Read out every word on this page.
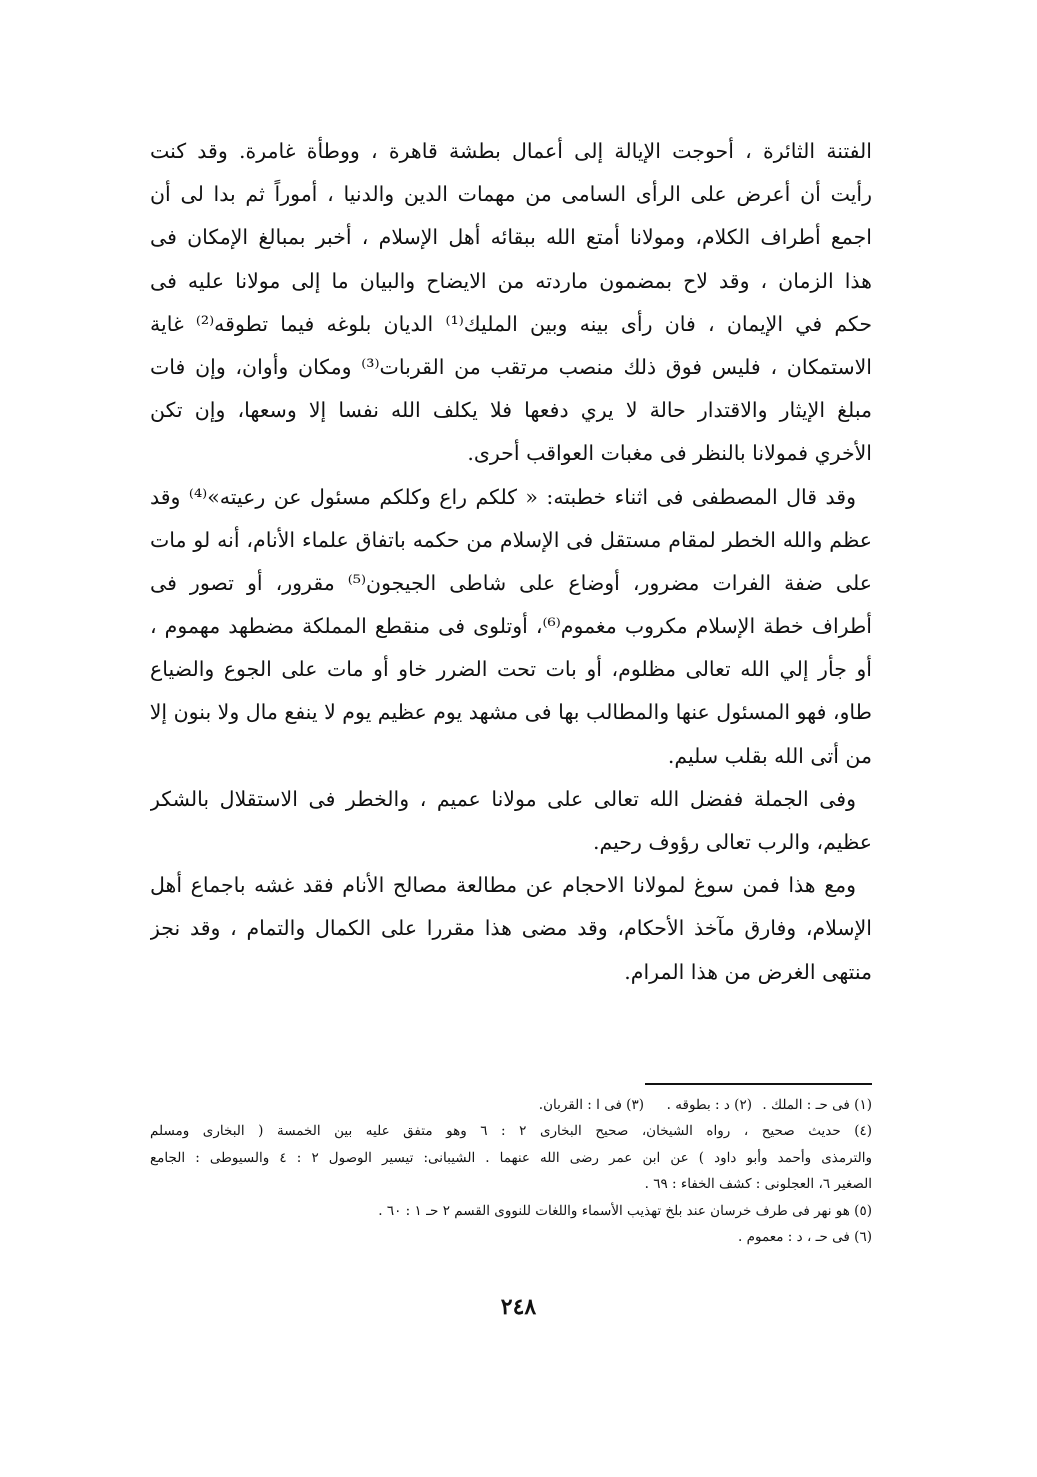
الفتنة الثائرة ، أحوجت الإيالة إلى أعمال بطشة قاهرة ، ووطأة غامرة. وقد كنت
رأيت أن أعرض على الرأى السامى من مهمات الدين والدنيا ، أموراً ثم بدا لى أن
اجمع أطراف الكلام، ومولانا أمتع الله ببقائه أهل الإسلام ، أخبر بمبالغ الإمكان فى
هذا الزمان ، وقد لاح بمضمون ماردته من الايضاح والبيان ما إلى مولانا عليه فى
حكم في الإيمان ، فان رأى بينه وبين المليك⁽¹⁾ الديان بلوغه فيما تطوقه⁽²⁾ غاية
الاستمكان ، فليس فوق ذلك منصب مرتقب من القربات⁽³⁾ ومكان وأوان، وإن فات
مبلغ الإيثار والاقتدار حالة لا يري دفعها فلا يكلف الله نفسا إلا وسعها، وإن تكن
الأخري فمولانا بالنظر فى مغبات العواقب أحرى.
وقد قال المصطفى فى اثناء خطبته: « كلكم راع وكلكم مسئول عن رعيته»⁽⁴⁾ وقد
عظم والله الخطر لمقام مستقل فى الإسلام من حكمه باتفاق علماء الأنام، أنه لو مات
على ضفة الفرات مضرور، أوضاع على شاطى الجيجون⁽⁵⁾ مقرور، أو تصور فى
أطراف خطة الإسلام مكروب مغموم⁽⁶⁾، أوتلوى فى منقطع المملكة مضطهد مهموم ،
أو جأر إلي الله تعالى مظلوم، أو بات تحت الضرر خاو أو مات على الجوع والضياع
طاو، فهو المسئول عنها والمطالب بها فى مشهد يوم عظيم يوم لا ينفع مال ولا بنون إلا
من أتى الله بقلب سليم.
وفى الجملة ففضل الله تعالى على مولانا عميم ، والخطر فى الاستقلال بالشكر
عظيم، والرب تعالى رؤوف رحيم.
ومع هذا فمن سوغ لمولانا الاحجام عن مطالعة مصالح الأنام فقد غشه باجماع أهل
الإسلام، وفارق مآخذ الأحكام، وقد مضى هذا مقررا على الكمال والتمام ، وقد نجز
منتهى الغرض من هذا المرام.
(١) فى حـ : الملك .
(٢) د : بطوقه .
(٣) فى ا : القربان.
(٤) حديث صحيح ، رواه الشيخان، صحيح البخارى ٢ : ٦ وهو متفق عليه بين الخمسة ( البخارى ومسلم
والترمذى وأحمد وأبو داود ) عن ابن عمر رضى الله عنهما . الشيبانى: تيسير الوصول ٢ : ٤ والسيوطى : الجامع
الصغير ٦، العجلونى : كشف الخفاء : ٦٩ .
(٥) هو نهر فى طرف خرسان عند بلخ تهذيب الأسماء واللغات للنووى القسم ٢ حـ ١ : ٦٠ .
(٦) فى حـ ، د : معموم .
٢٤٨
